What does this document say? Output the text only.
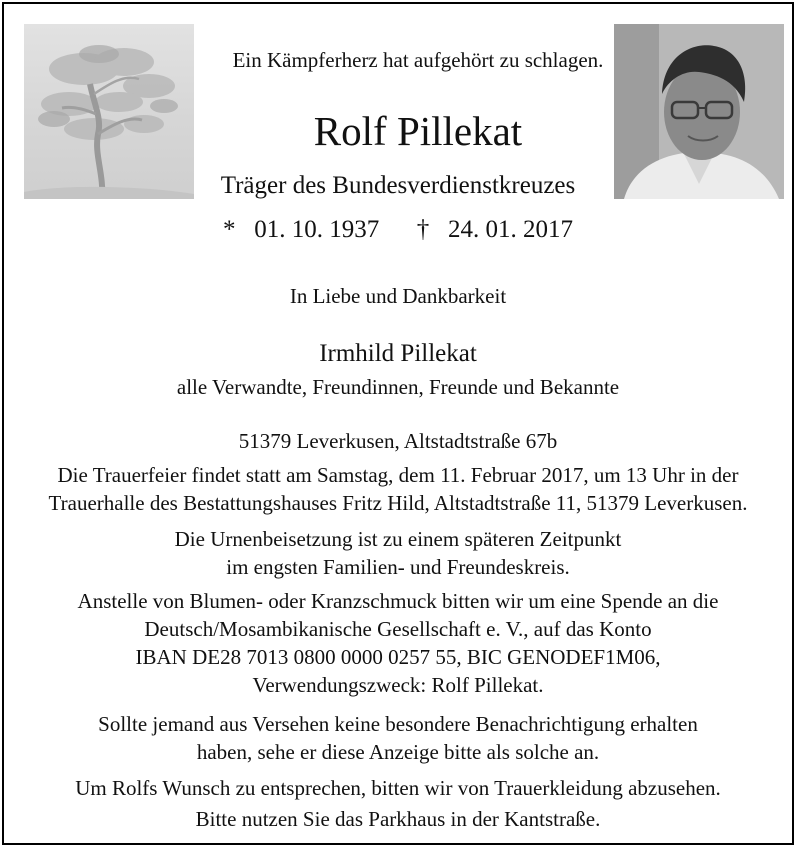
Ein Kämpferherz hat aufgehört zu schlagen.
Rolf Pillekat
Träger des Bundesverdienstkreuzes
* 01. 10. 1937 † 24. 01. 2017
In Liebe und Dankbarkeit
Irmhild Pillekat
alle Verwandte, Freundinnen, Freunde und Bekannte
51379 Leverkusen, Altstadtstraße 67b
Die Trauerfeier findet statt am Samstag, dem 11. Februar 2017, um 13 Uhr in der
Trauerhalle des Bestattungshauses Fritz Hild, Altstadtstraße 11, 51379 Leverkusen.
Die Urnenbeisetzung ist zu einem späteren Zeitpunkt
im engsten Familien- und Freundeskreis.
Anstelle von Blumen- oder Kranzschmuck bitten wir um eine Spende an die
Deutsch/Mosambikanische Gesellschaft e. V., auf das Konto
IBAN DE28 7013 0800 0000 0257 55, BIC GENODEF1M06,
Verwendungszweck: Rolf Pillekat.
Sollte jemand aus Versehen keine besondere Benachrichtigung erhalten
haben, sehe er diese Anzeige bitte als solche an.
Um Rolfs Wunsch zu entsprechen, bitten wir von Trauerkleidung abzusehen.
Bitte nutzen Sie das Parkhaus in der Kantstraße.
